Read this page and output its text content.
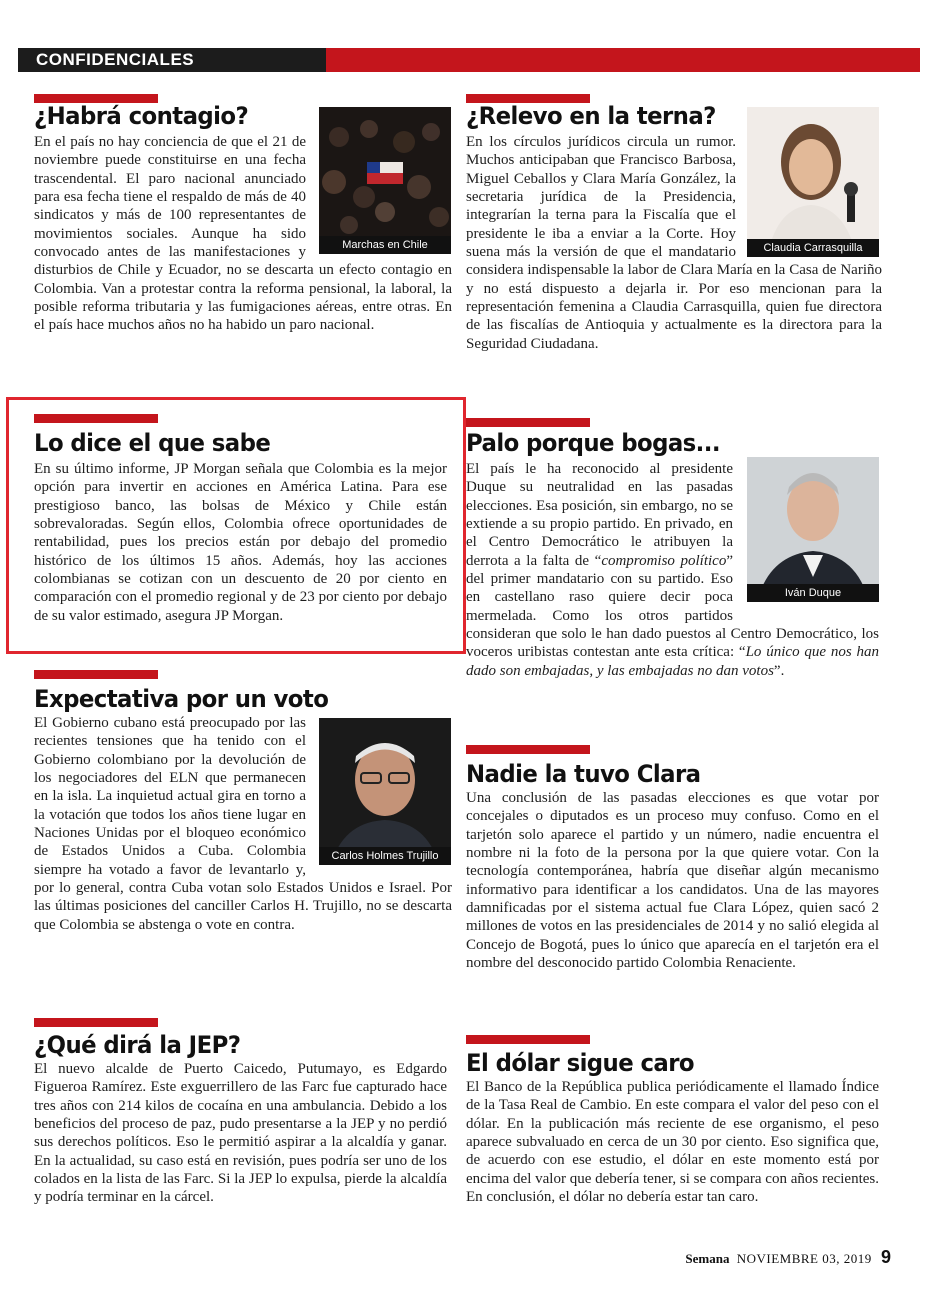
CONFIDENCIALES
¿Habrá contagio?
Marchas en Chile

En el país no hay conciencia de que el 21 de noviembre puede constituirse en una fecha trascendental. El paro nacional anunciado para esa fecha tiene el respaldo de más de 40 sindicatos y más de 100 representantes de movimientos sociales. Aunque ha sido convocado antes de las manifestaciones y disturbios de Chile y Ecuador, no se descarta un efecto contagio en Colombia. Van a protestar contra la reforma pensional, la laboral, la posible reforma tributaria y las fumigaciones aéreas, entre otras. En el país hace muchos años no ha habido un paro nacional.

¿Relevo en la terna?
Claudia Carrasquilla

En los círculos jurídicos circula un rumor. Muchos anticipaban que Francisco Barbosa, Miguel Ceballos y Clara María González, la secretaria jurídica de la Presidencia, integrarían la terna para la Fiscalía que el presidente le iba a enviar a la Corte. Hoy suena más la versión de que el mandatario considera indispensable la labor de Clara María en la Casa de Nariño y no está dispuesto a dejarla ir. Por eso mencionan para la representación femenina a Claudia Carrasquilla, quien fue directora de las fiscalías de Antioquia y actualmente es la directora para la Seguridad Ciudadana.

Lo dice el que sabe

En su último informe, JP Morgan señala que Colombia es la mejor opción para invertir en acciones en América Latina. Para ese prestigioso banco, las bolsas de México y Chile están sobrevaloradas. Según ellos, Colombia ofrece oportunidades de rentabilidad, pues los precios están por debajo del promedio histórico de los últimos 15 años. Además, hoy las acciones colombianas se cotizan con un descuento de 20 por ciento en comparación con el promedio regional y de 23 por ciento por debajo de su valor estimado, asegura JP Morgan.

Palo porque bogas...
Iván Duque

El país le ha reconocido al presidente Duque su neutralidad en las pasadas elecciones. Esa posición, sin embargo, no se extiende a su propio partido. En privado, en el Centro Democrático le atribuyen la derrota a la falta de “compromiso político” del primer mandatario con su partido. Eso en castellano raso quiere decir poca mermelada. Como los otros partidos consideran que solo le han dado puestos al Centro Democrático, los voceros uribistas contestan ante esta crítica: “Lo único que nos han dado son embajadas, y las embajadas no dan votos”.

Expectativa por un voto
Carlos Holmes Trujillo

El Gobierno cubano está preocupado por las recientes tensiones que ha tenido con el Gobierno colombiano por la devolución de los negociadores del ELN que permanecen en la isla. La inquietud actual gira en torno a la votación que todos los años tiene lugar en Naciones Unidas por el bloqueo económico de Estados Unidos a Cuba. Colombia siempre ha votado a favor de levantarlo y, por lo general, contra Cuba votan solo Estados Unidos e Israel. Por las últimas posiciones del canciller Carlos H. Trujillo, no se descarta que Colombia se abstenga o vote en contra.

Nadie la tuvo Clara

Una conclusión de las pasadas elecciones es que votar por concejales o diputados es un proceso muy confuso. Como en el tarjetón solo aparece el partido y un número, nadie encuentra el nombre ni la foto de la persona por la que quiere votar. Con la tecnología contemporánea, habría que diseñar algún mecanismo informativo para identificar a los candidatos. Una de las mayores damnificadas por el sistema actual fue Clara López, quien sacó 2 millones de votos en las presidenciales de 2014 y no salió elegida al Concejo de Bogotá, pues lo único que aparecía en el tarjetón era el nombre del desconocido partido Colombia Renaciente.

¿Qué dirá la JEP?

El nuevo alcalde de Puerto Caicedo, Putumayo, es Edgardo Figueroa Ramírez. Este exguerrillero de las Farc fue capturado hace tres años con 214 kilos de cocaína en una ambulancia. Debido a los beneficios del proceso de paz, pudo presentarse a la JEP y no perdió sus derechos políticos. Eso le permitió aspirar a la alcaldía y ganar. En la actualidad, su caso está en revisión, pues podría ser uno de los colados en la lista de las Farc. Si la JEP lo expulsa, pierde la alcaldía y podría terminar en la cárcel.

El dólar sigue caro

El Banco de la República publica periódicamente el llamado Índice de la Tasa Real de Cambio. En este compara el valor del peso con el dólar. En la publicación más reciente de ese organismo, el peso aparece subvaluado en cerca de un 30 por ciento. Eso significa que, de acuerdo con ese estudio, el dólar en este momento está por encima del valor que debería tener, si se compara con años recientes. En conclusión, el dólar no debería estar tan caro.

Semana NOVIEMBRE 03, 2019 9
